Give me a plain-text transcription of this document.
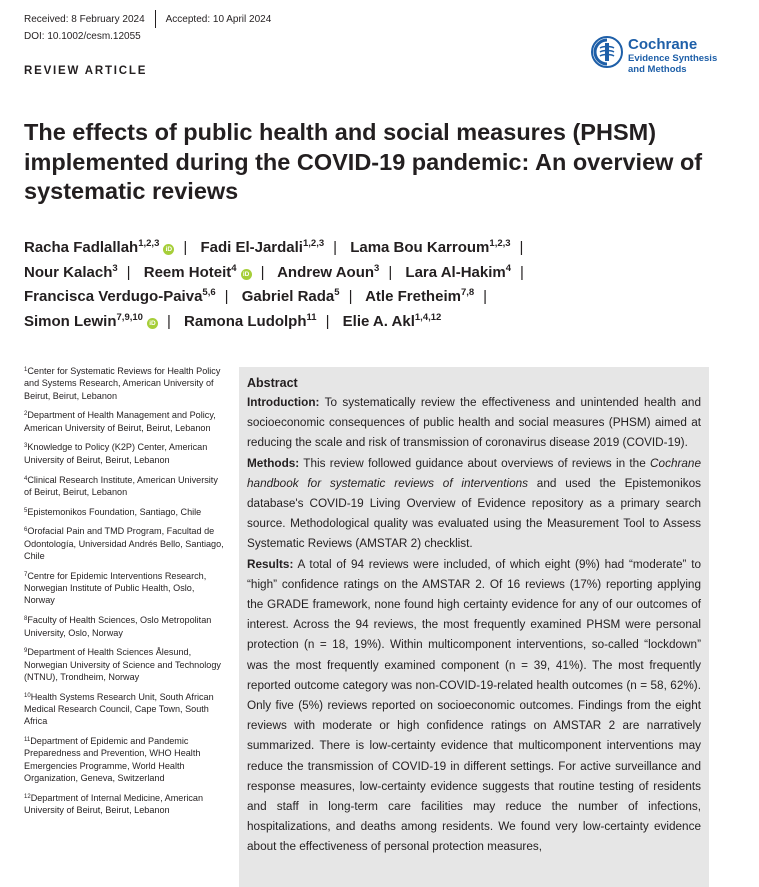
Received: 8 February 2024 Accepted: 10 April 2024
DOI: 10.1002/cesm.12055
REVIEW ARTICLE
Cochrane
Evidence Synthesis
and Methods
The effects of public health and social measures (PHSM) implemented during the COVID-19 pandemic: An overview of systematic reviews
Racha Fadlallah$^{1,2,3}$iD | Fadi El-Jardali$^{1,2,3}$ | Lama Bou Karroum$^{1,2,3}$ |
Nour Kalach$^3$ | Reem Hoteit$^4$iD | Andrew Aoun$^3$ | Lara Al-Hakim$^4$ |
Francisca Verdugo-Paiva$^{5,6}$ | Gabriel Rada$^5$ | Atle Fretheim$^{7,8}$ |
Simon Lewin$^{7,9,10}$iD | Ramona Ludolph$^{11}$ | Elie A. Akl$^{1,4,12}$
$^1$Center for Systematic Reviews for Health Policy and Systems Research, American University of Beirut, Beirut, Lebanon
$^2$Department of Health Management and Policy, American University of Beirut, Beirut, Lebanon
$^3$Knowledge to Policy (K2P) Center, American University of Beirut, Beirut, Lebanon
$^4$Clinical Research Institute, American University of Beirut, Beirut, Lebanon
$^5$Epistemonikos Foundation, Santiago, Chile
$^6$Orofacial Pain and TMD Program, Facultad de Odontología, Universidad Andrés Bello, Santiago, Chile
$^7$Centre for Epidemic Interventions Research, Norwegian Institute of Public Health, Oslo, Norway
$^8$Faculty of Health Sciences, Oslo Metropolitan University, Oslo, Norway
$^9$Department of Health Sciences Ålesund, Norwegian University of Science and Technology (NTNU), Trondheim, Norway
$^{10}$Health Systems Research Unit, South African Medical Research Council, Cape Town, South Africa
$^{11}$Department of Epidemic and Pandemic Preparedness and Prevention, WHO Health Emergencies Programme, World Health Organization, Geneva, Switzerland
$^{12}$Department of Internal Medicine, American University of Beirut, Beirut, Lebanon
Abstract

Introduction: To systematically review the effectiveness and unintended health and socioeconomic consequences of public health and social measures (PHSM) aimed at reducing the scale and risk of transmission of coronavirus disease 2019 (COVID-19).

Methods: This review followed guidance about overviews of reviews in the Cochrane handbook for systematic reviews of interventions and used the Epistemonikos database's COVID-19 Living Overview of Evidence repository as a primary search source. Methodological quality was evaluated using the Measurement Tool to Assess Systematic Reviews (AMSTAR 2) checklist.

Results: A total of 94 reviews were included, of which eight (9%) had “moderate” to “high” confidence ratings on the AMSTAR 2. Of 16 reviews (17%) reporting applying the GRADE framework, none found high certainty evidence for any of our outcomes of interest. Across the 94 reviews, the most frequently examined PHSM were personal protection (n = 18, 19%). Within multicomponent interventions, so-called “lockdown” was the most frequently examined component (n = 39, 41%). The most frequently reported outcome category was non-COVID-19-related health outcomes (n = 58, 62%). Only five (5%) reviews reported on socioeconomic outcomes. Findings from the eight reviews with moderate or high confidence ratings on AMSTAR 2 are narratively summarized. There is low-certainty evidence that multicomponent interventions may reduce the transmission of COVID-19 in different settings. For active surveillance and response measures, low-certainty evidence suggests that routine testing of residents and staff in long-term care facilities may reduce the number of infections, hospitalizations, and deaths among residents. We found very low-certainty evidence about the effectiveness of personal protection measures,
